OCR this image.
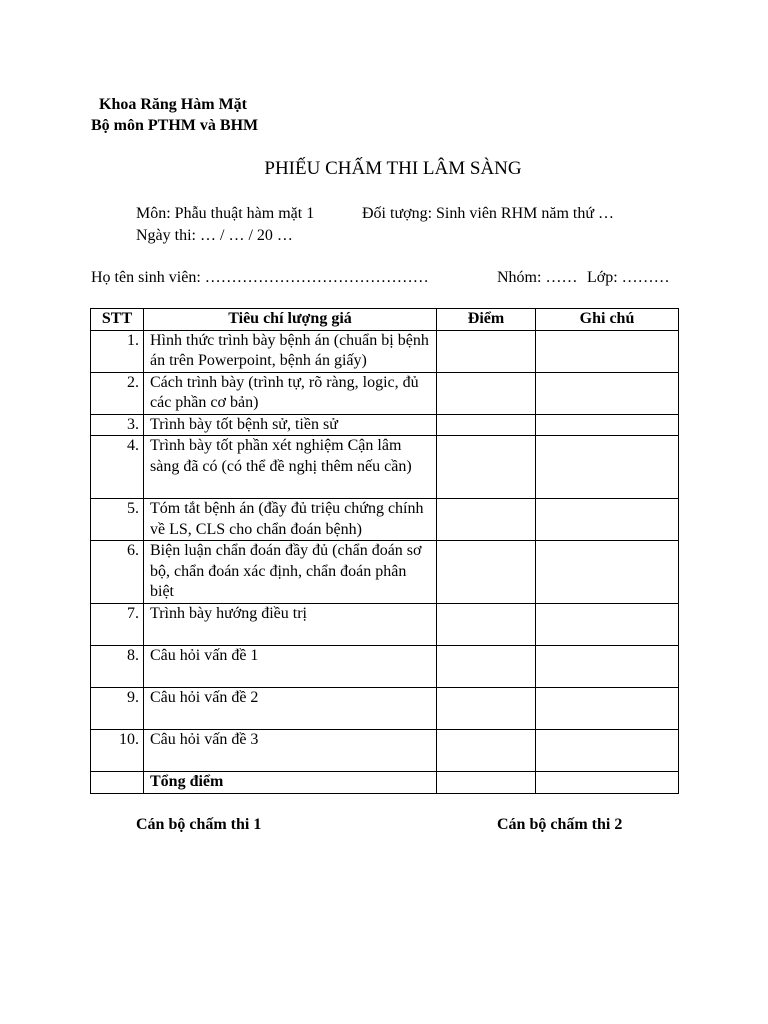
Khoa Răng Hàm Mặt
Bộ môn PTHM và BHM
PHIẾU CHẤM THI LÂM SÀNG
Môn: Phẫu thuật hàm mặt 1	Đối tượng: Sinh viên RHM năm thứ …
Ngày thi: … / … / 20 …
Họ tên sinh viên: ……………………………………	Nhóm: …… Lớp: ………
STT	Tiêu chí lượng giá	Điểm	Ghi chú
1.	Hình thức trình bày bệnh án (chuẩn bị bệnh án trên Powerpoint, bệnh án giấy)		
2.	Cách trình bày (trình tự, rõ ràng, logic, đủ các phần cơ bản)		
3.	Trình bày tốt bệnh sử, tiền sử		
4.	Trình bày tốt phần xét nghiệm Cận lâm sàng đã có (có thể đề nghị thêm nếu cần)		
5.	Tóm tắt bệnh án (đầy đủ triệu chứng chính về LS, CLS cho chẩn đoán bệnh)		
6.	Biện luận chẩn đoán đầy đủ (chẩn đoán sơ bộ, chẩn đoán xác định, chẩn đoán phân biệt		
7.	Trình bày hướng điều trị		
8.	Câu hỏi vấn đề 1		
9.	Câu hỏi vấn đề 2		
10.	Câu hỏi vấn đề 3		
	Tổng điểm		
Cán bộ chấm thi 1	Cán bộ chấm thi 2
